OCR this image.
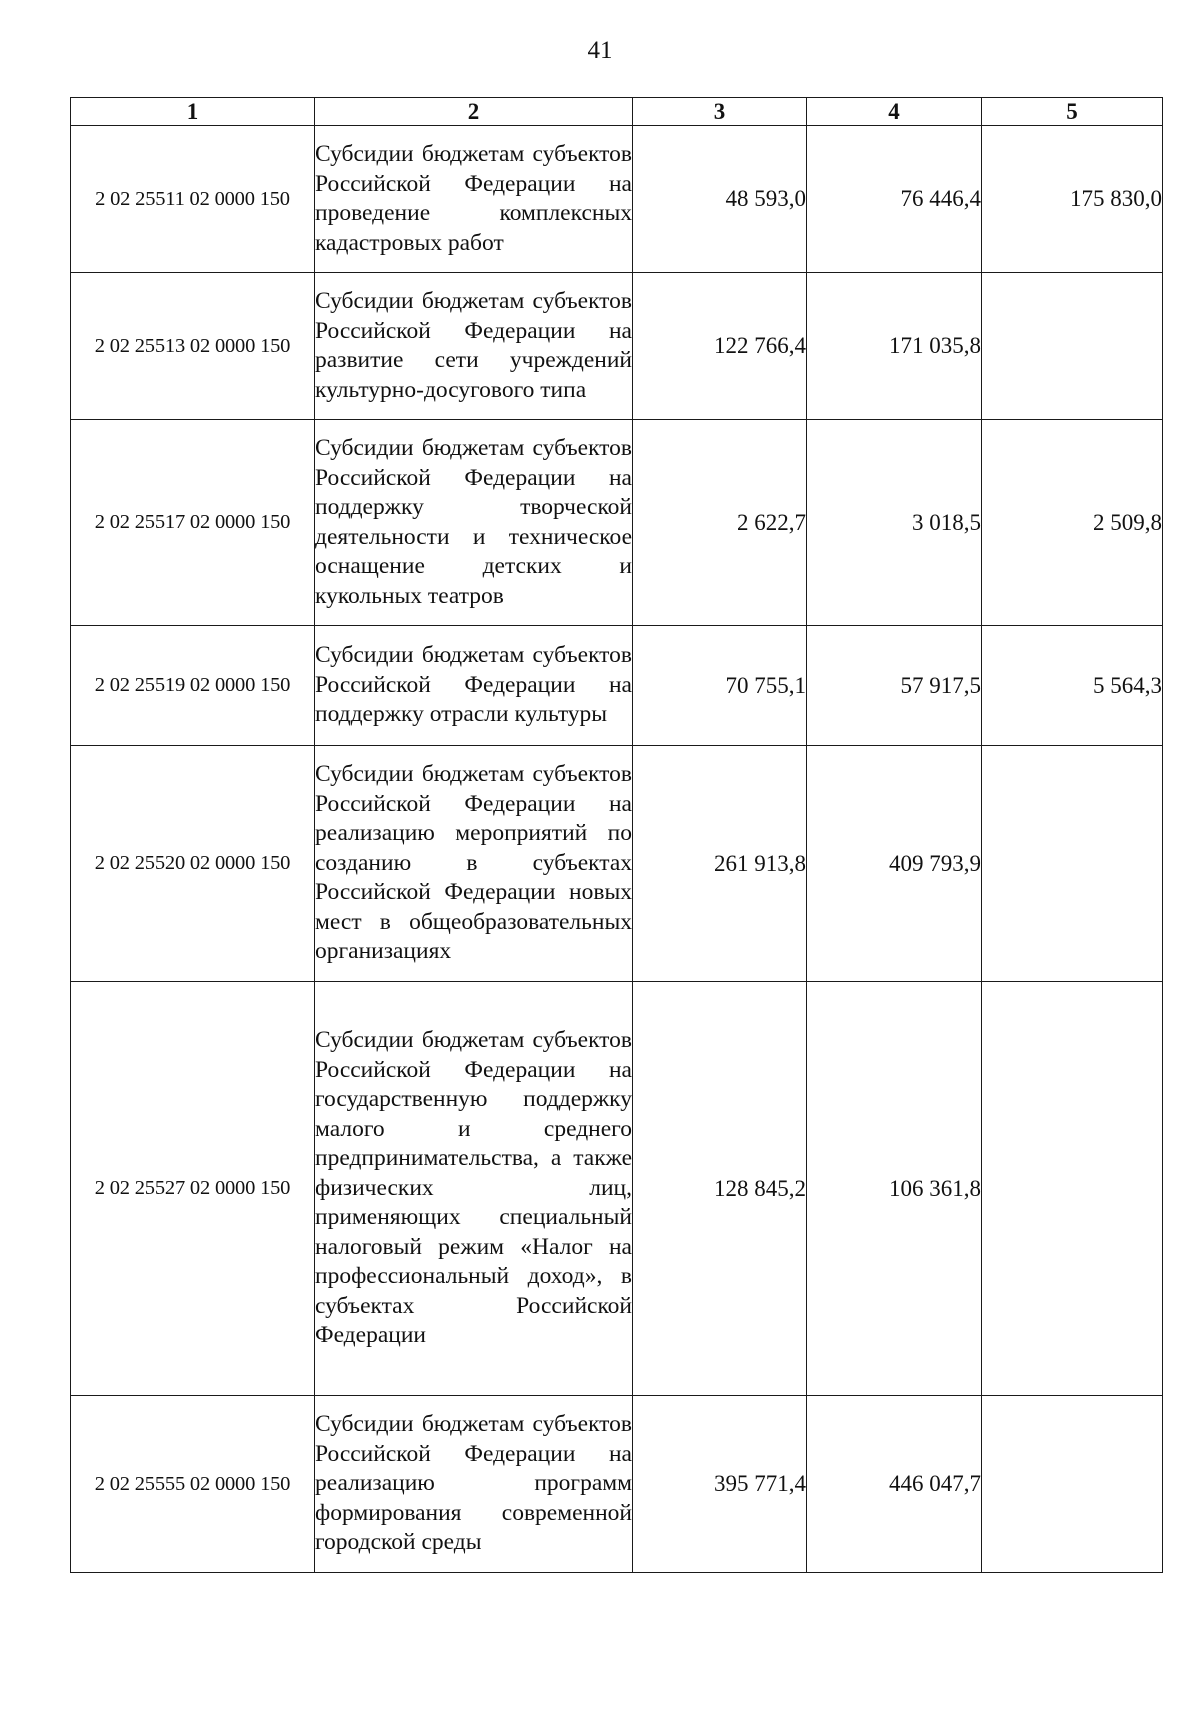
41
1	2	3	4	5
2 02 25511 02 0000 150	Субсидии бюджетам субъектов Российской Федерации на проведение комплексных кадастровых работ	48 593,0	76 446,4	175 830,0
2 02 25513 02 0000 150	Субсидии бюджетам субъектов Российской Федерации на развитие сети учреждений культурно-досугового типа	122 766,4	171 035,8	
2 02 25517 02 0000 150	Субсидии бюджетам субъектов Российской Федерации на поддержку творческой деятельности и техническое оснащение детских и кукольных театров	2 622,7	3 018,5	2 509,8
2 02 25519 02 0000 150	Субсидии бюджетам субъектов Российской Федерации на поддержку отрасли культуры	70 755,1	57 917,5	5 564,3
2 02 25520 02 0000 150	Субсидии бюджетам субъектов Российской Федерации на реализацию мероприятий по созданию в субъектах Российской Федерации новых мест в общеобразовательных организациях	261 913,8	409 793,9	
2 02 25527 02 0000 150	Субсидии бюджетам субъектов Российской Федерации на государственную поддержку малого и среднего предпринимательства, а также физических лиц, применяющих специальный налоговый режим «Налог на профессиональный доход», в субъектах Российской Федерации	128 845,2	106 361,8	
2 02 25555 02 0000 150	Субсидии бюджетам субъектов Российской Федерации на реализацию программ формирования современной городской среды	395 771,4	446 047,7	
